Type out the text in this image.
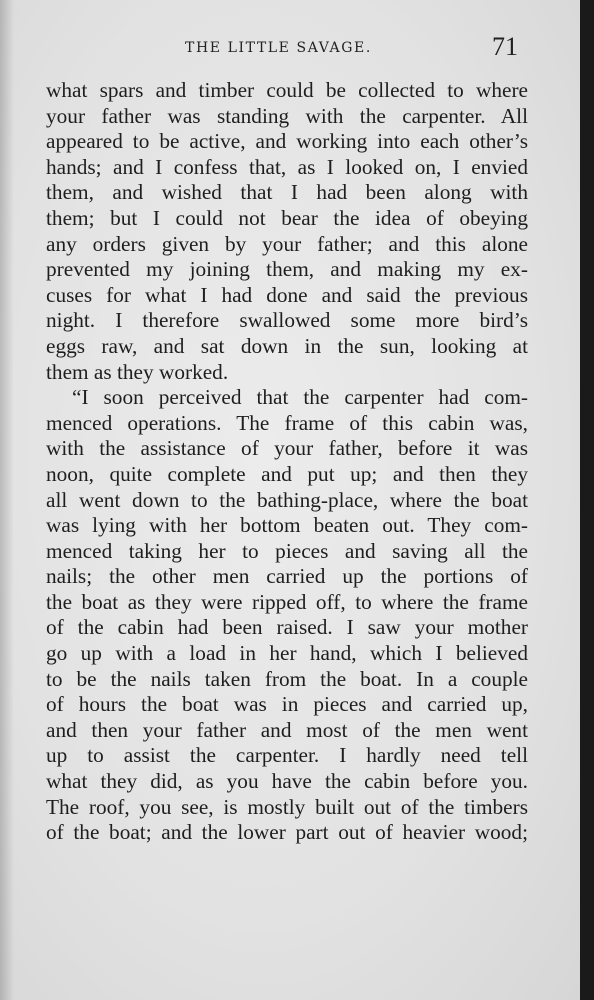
THE LITTLE SAVAGE.	71
what spars and timber could be collected to where
your father was standing with the carpenter. All
appeared to be active, and working into each other’s
hands; and I confess that, as I looked on, I envied
them, and wished that I had been along with
them; but I could not bear the idea of obeying
any orders given by your father; and this alone
prevented my joining them, and making my ex-
cuses for what I had done and said the previous
night. I therefore swallowed some more bird’s
eggs raw, and sat down in the sun, looking at
them as they worked.
“I soon perceived that the carpenter had com-
menced operations. The frame of this cabin was,
with the assistance of your father, before it was
noon, quite complete and put up; and then they
all went down to the bathing-place, where the boat
was lying with her bottom beaten out. They com-
menced taking her to pieces and saving all the
nails; the other men carried up the portions of
the boat as they were ripped off, to where the frame
of the cabin had been raised. I saw your mother
go up with a load in her hand, which I believed
to be the nails taken from the boat. In a couple
of hours the boat was in pieces and carried up,
and then your father and most of the men went
up to assist the carpenter. I hardly need tell
what they did, as you have the cabin before you.
The roof, you see, is mostly built out of the timbers
of the boat; and the lower part out of heavier wood;
